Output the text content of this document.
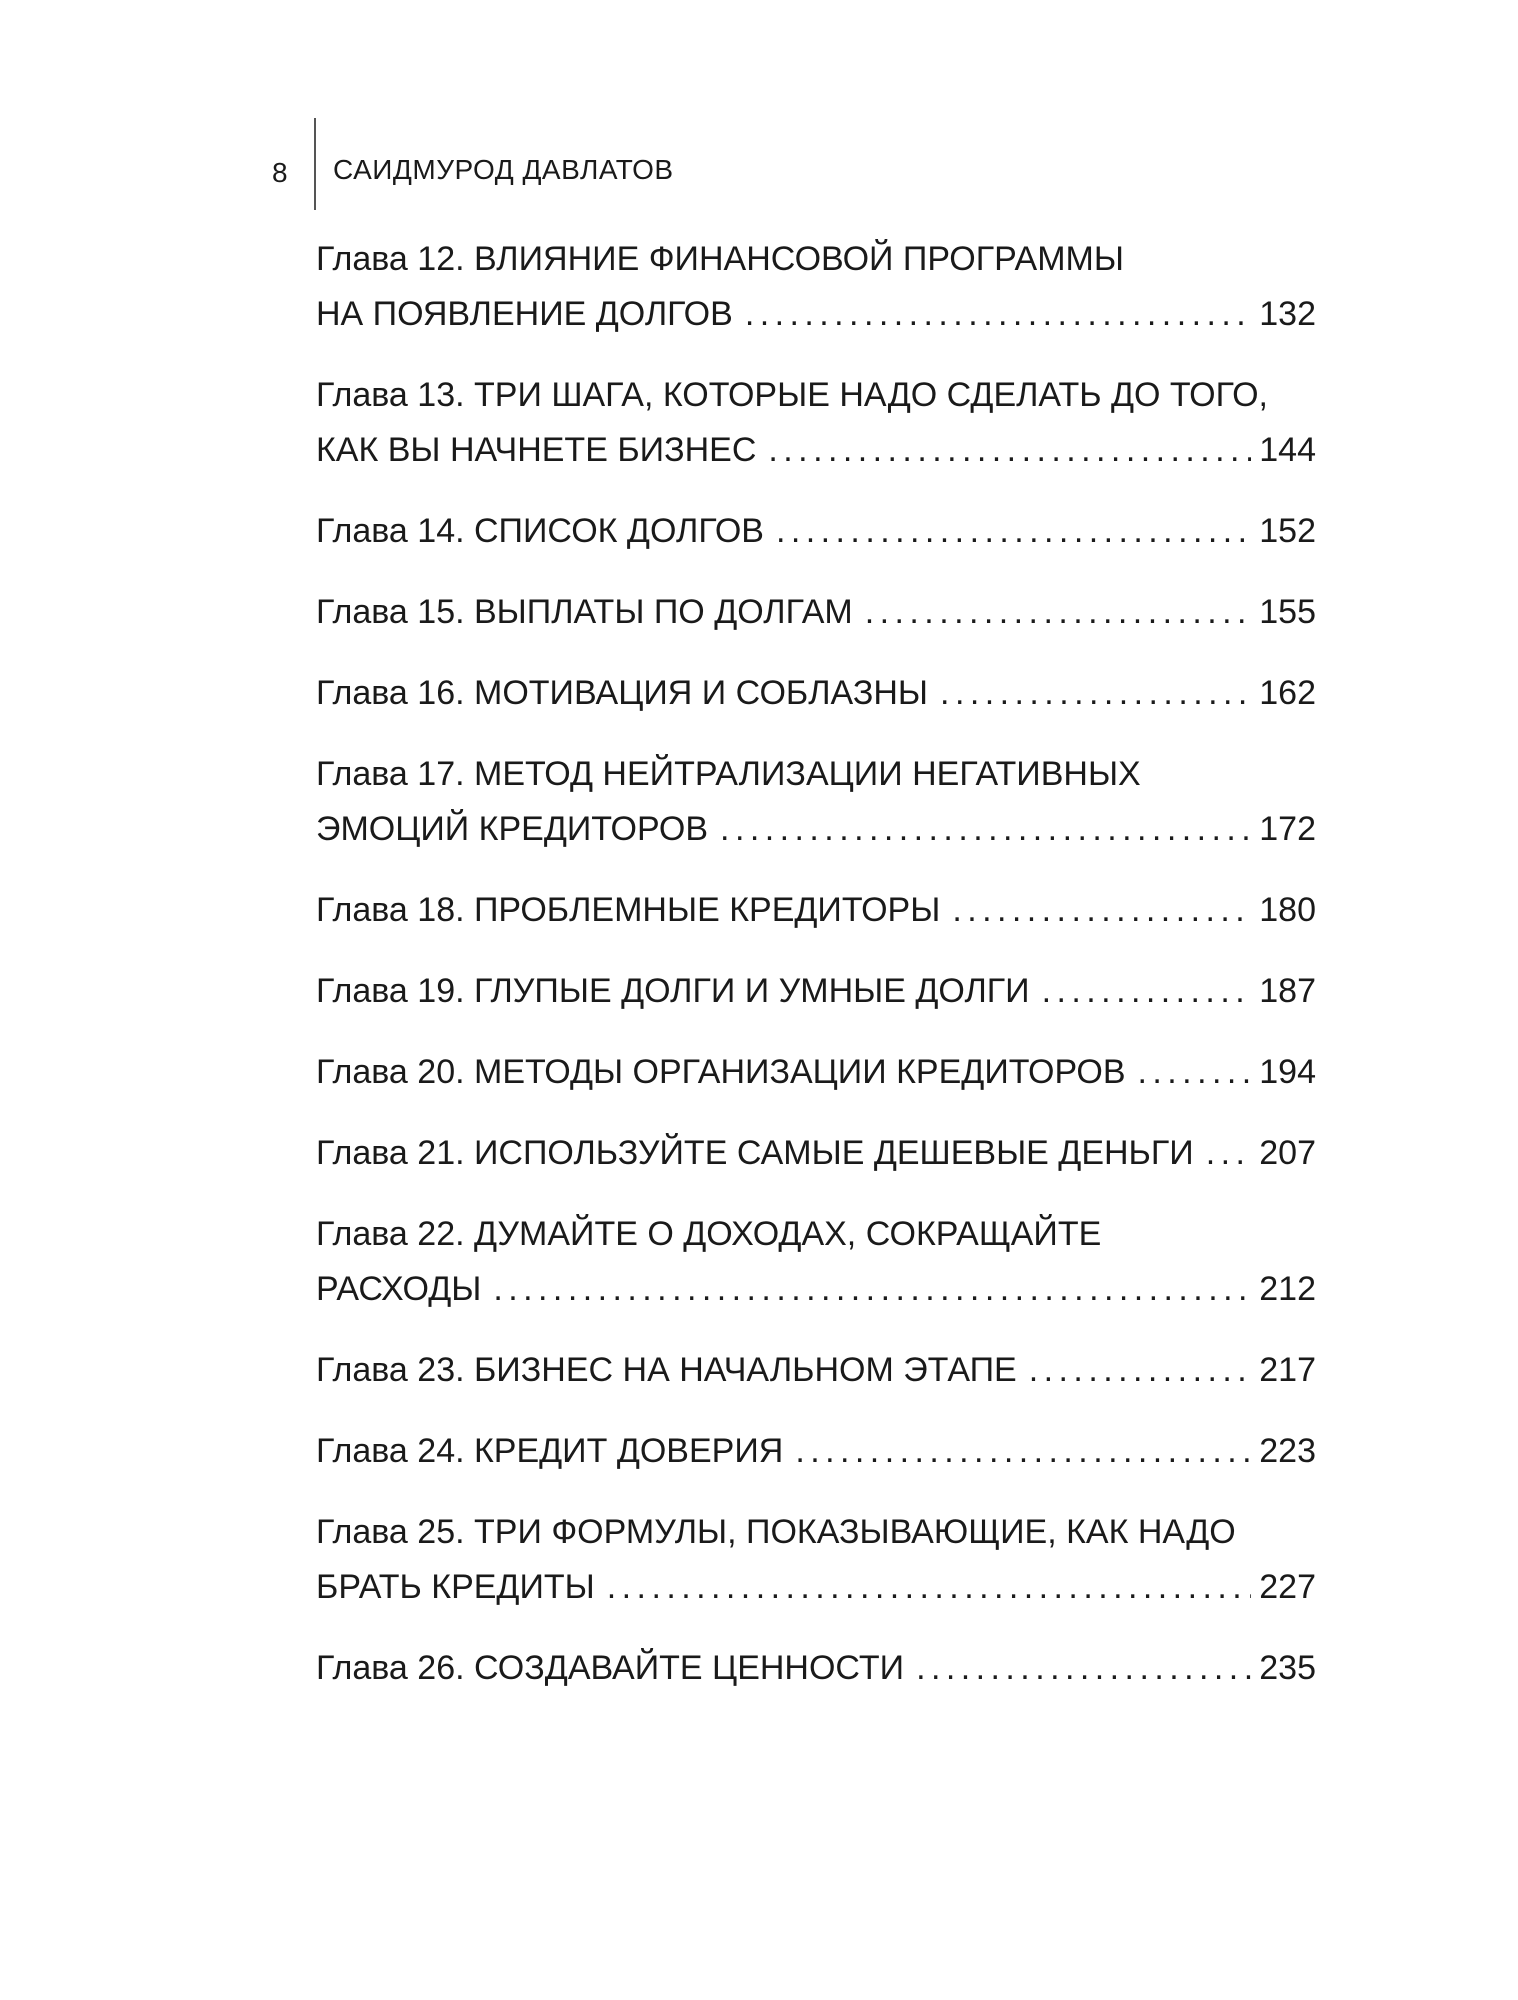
8	САИДМУРОД ДАВЛАТОВ
Глава 12. ВЛИЯНИЕ ФИНАНСОВОЙ ПРОГРАММЫ
НА ПОЯВЛЕНИЕ ДОЛГОВ . . .	132
Глава 13. ТРИ ШАГА, КОТОРЫЕ НАДО СДЕЛАТЬ ДО ТОГО,
КАК ВЫ НАЧНЕТЕ БИЗНЕС . . .	144
Глава 14. СПИСОК ДОЛГОВ . . .	152
Глава 15. ВЫПЛАТЫ ПО ДОЛГАМ . . .	155
Глава 16. МОТИВАЦИЯ И СОБЛАЗНЫ . . .	162
Глава 17. МЕТОД НЕЙТРАЛИЗАЦИИ НЕГАТИВНЫХ
ЭМОЦИЙ КРЕДИТОРОВ . . .	172
Глава 18. ПРОБЛЕМНЫЕ КРЕДИТОРЫ . . .	180
Глава 19. ГЛУПЫЕ ДОЛГИ И УМНЫЕ ДОЛГИ . . .	187
Глава 20. МЕТОДЫ ОРГАНИЗАЦИИ КРЕДИТОРОВ . . .	194
Глава 21. ИСПОЛЬЗУЙТЕ САМЫЕ ДЕШЕВЫЕ ДЕНЬГИ . . . 207
Глава 22. ДУМАЙТЕ О ДОХОДАХ, СОКРАЩАЙТЕ
РАСХОДЫ . . .	212
Глава 23. БИЗНЕС НА НАЧАЛЬНОМ ЭТАПЕ . . .	217
Глава 24. КРЕДИТ ДОВЕРИЯ . . .	223
Глава 25. ТРИ ФОРМУЛЫ, ПОКАЗЫВАЮЩИЕ, КАК НАДО
БРАТЬ КРЕДИТЫ . . .	227
Глава 26. СОЗДАВАЙТЕ ЦЕННОСТИ . . .	235
